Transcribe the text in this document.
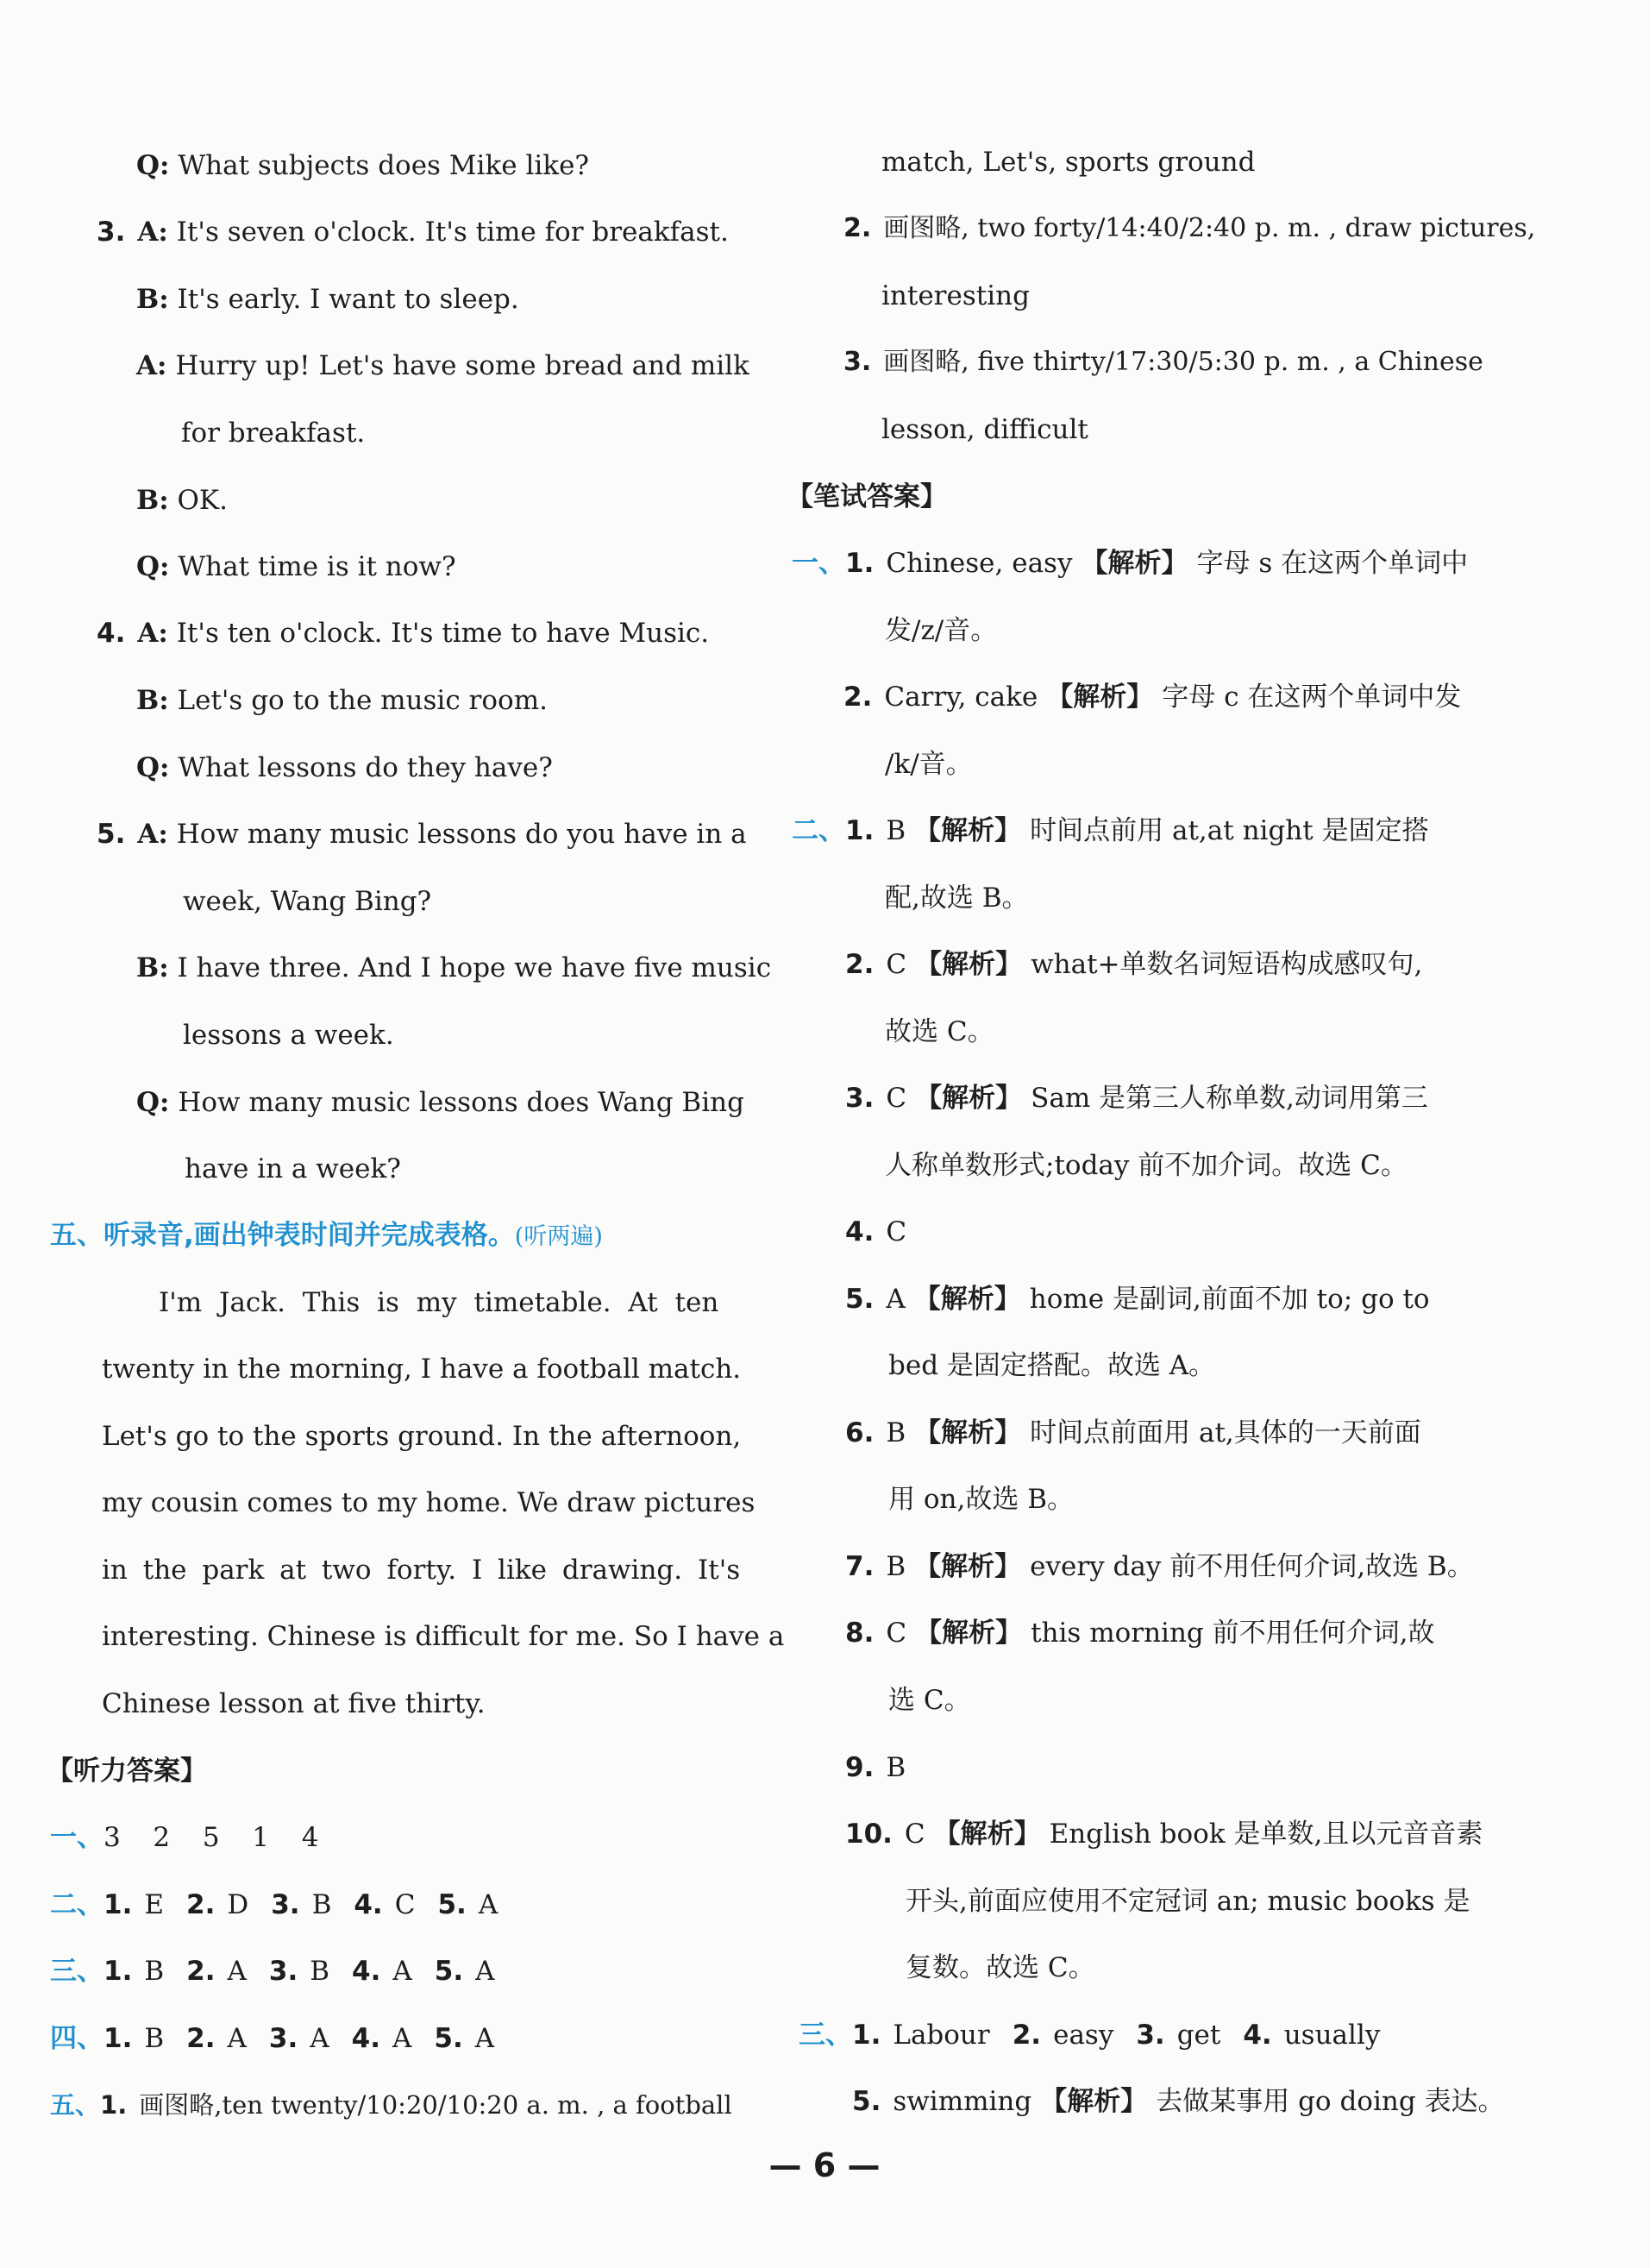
Q: What subjects does Mike like?
3. A: It's seven o'clock. It's time for breakfast.
B: It's early. I want to sleep.
A: Hurry up! Let's have some bread and milk
for breakfast.
B: OK.
Q: What time is it now?
4. A: It's ten o'clock. It's time to have Music.
B: Let's go to the music room.
Q: What lessons do they have?
5. A: How many music lessons do you have in a
week, Wang Bing?
B: I have three. And I hope we have five music
lessons a week.
Q: How many music lessons does Wang Bing
have in a week?
五、听录音,画出钟表时间并完成表格。(听两遍)
I'm Jack. This is my timetable. At ten
twenty in the morning, I have a football match.
Let's go to the sports ground. In the afternoon,
my cousin comes to my home. We draw pictures
in the park at two forty. I like drawing. It's
interesting. Chinese is difficult for me. So I have a
Chinese lesson at five thirty.
【听力答案】
一、3  2  5  1  4
二、1. E 2. D 3. B 4. C 5. A
三、1. B 2. A 3. B 4. A 5. A
四、1. B 2. A 3. A 4. A 5. A
五、1. 画图略,ten twenty/10:20/10:20 a. m. , a football
match, Let's, sports ground
2. 画图略, two forty/14:40/2:40 p. m. , draw pictures,
interesting
3. 画图略, five thirty/17:30/5:30 p. m. , a Chinese
lesson, difficult
【笔试答案】
一、1. Chinese, easy 【解析】 字母 s 在这两个单词中
发/z/音。
2. Carry, cake 【解析】 字母 c 在这两个单词中发
/k/音。
二、1. B 【解析】 时间点前用 at,at night 是固定搭
配,故选 B。
2. C 【解析】 what+单数名词短语构成感叹句,
故选 C。
3. C 【解析】 Sam 是第三人称单数,动词用第三
人称单数形式;today 前不加介词。故选 C。
4. C
5. A 【解析】 home 是副词,前面不加 to; go to
bed 是固定搭配。故选 A。
6. B 【解析】 时间点前面用 at,具体的一天前面
用 on,故选 B。
7. B 【解析】 every day 前不用任何介词,故选 B。
8. C 【解析】 this morning 前不用任何介词,故
选 C。
9. B
10. C 【解析】 English book 是单数,且以元音音素
开头,前面应使用不定冠词 an; music books 是
复数。故选 C。
三、1. Labour 2. easy 3. get 4. usually
5. swimming 【解析】 去做某事用 go doing 表达。
— 6 —
